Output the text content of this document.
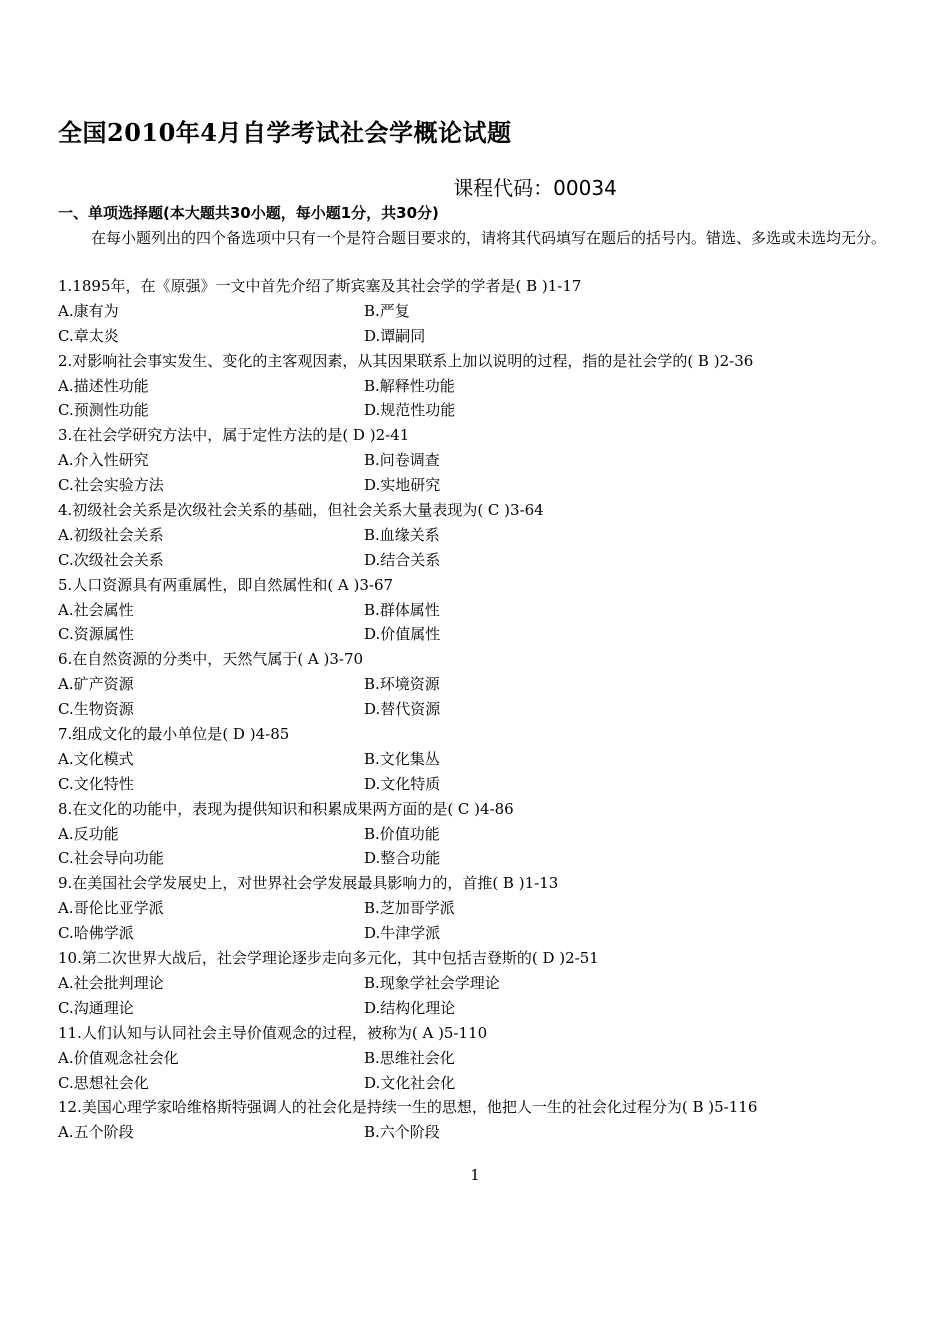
全国2010年4月自学考试社会学概论试题
课程代码：00034
一、单项选择题(本大题共30小题，每小题1分，共30分)
在每小题列出的四个备选项中只有一个是符合题目要求的，请将其代码填写在题后的括号内。错选、多选或未选均无分。
1.1895年，在《原强》一文中首先介绍了斯宾塞及其社会学的学者是( B )1-17
A.康有为	B.严复
C.章太炎	D.谭嗣同
2.对影响社会事实发生、变化的主客观因素，从其因果联系上加以说明的过程，指的是社会学的( B )2-36
A.描述性功能	B.解释性功能
C.预测性功能	D.规范性功能
3.在社会学研究方法中，属于定性方法的是( D )2-41
A.介入性研究	B.问卷调查
C.社会实验方法	D.实地研究
4.初级社会关系是次级社会关系的基础，但社会关系大量表现为( C )3-64
A.初级社会关系	B.血缘关系
C.次级社会关系	D.结合关系
5.人口资源具有两重属性，即自然属性和( A )3-67
A.社会属性	B.群体属性
C.资源属性	D.价值属性
6.在自然资源的分类中，天然气属于( A )3-70
A.矿产资源	B.环境资源
C.生物资源	D.替代资源
7.组成文化的最小单位是( D )4-85
A.文化模式	B.文化集丛
C.文化特性	D.文化特质
8.在文化的功能中，表现为提供知识和积累成果两方面的是( C )4-86
A.反功能	B.价值功能
C.社会导向功能	D.整合功能
9.在美国社会学发展史上，对世界社会学发展最具影响力的，首推( B )1-13
A.哥伦比亚学派	B.芝加哥学派
C.哈佛学派	D.牛津学派
10.第二次世界大战后，社会学理论逐步走向多元化，其中包括吉登斯的( D )2-51
A.社会批判理论	B.现象学社会学理论
C.沟通理论	D.结构化理论
11.人们认知与认同社会主导价值观念的过程，被称为( A )5-110
A.价值观念社会化	B.思维社会化
C.思想社会化	D.文化社会化
12.美国心理学家哈维格斯特强调人的社会化是持续一生的思想，他把人一生的社会化过程分为( B )5-116
A.五个阶段	B.六个阶段
1
